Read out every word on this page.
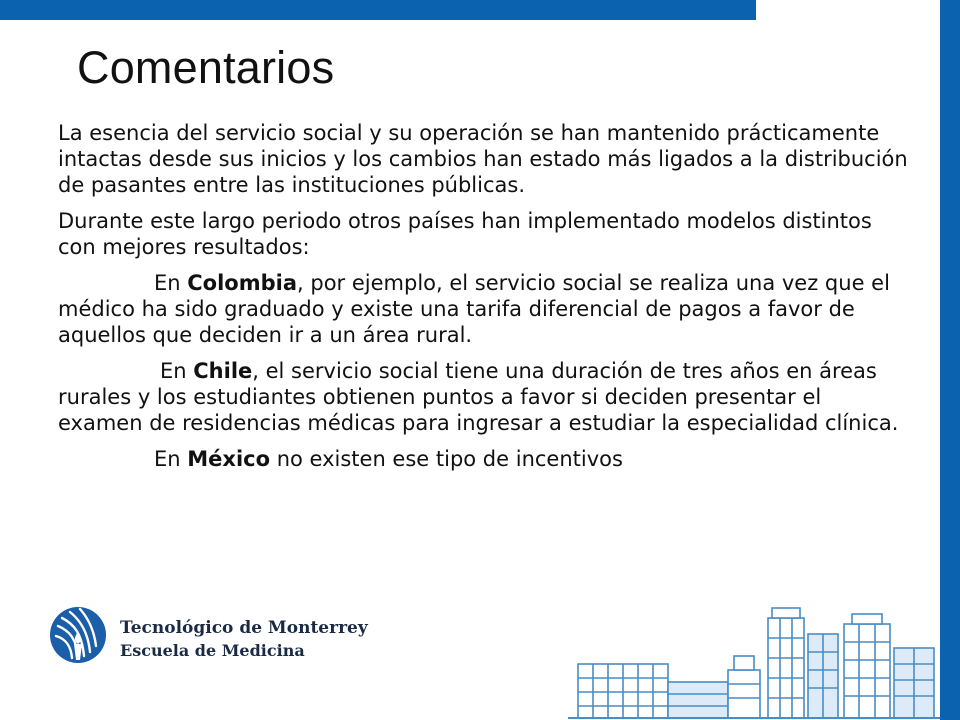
Comentarios

La esencia del servicio social y su operación se han mantenido prácticamente intactas desde sus inicios y los cambios han estado más ligados a la distribución de pasantes entre las instituciones públicas.

Durante este largo periodo otros países han implementado modelos distintos con mejores resultados:

En Colombia, por ejemplo, el servicio social se realiza una vez que el médico ha sido graduado y existe una tarifa diferencial de pagos a favor de aquellos que deciden ir a un área rural.

En Chile, el servicio social tiene una duración de tres años en áreas rurales y los estudiantes obtienen puntos a favor si deciden presentar el examen de residencias médicas para ingresar a estudiar la especialidad clínica.

En México no existen ese tipo de incentivos

Tecnológico de Monterrey
Escuela de Medicina
